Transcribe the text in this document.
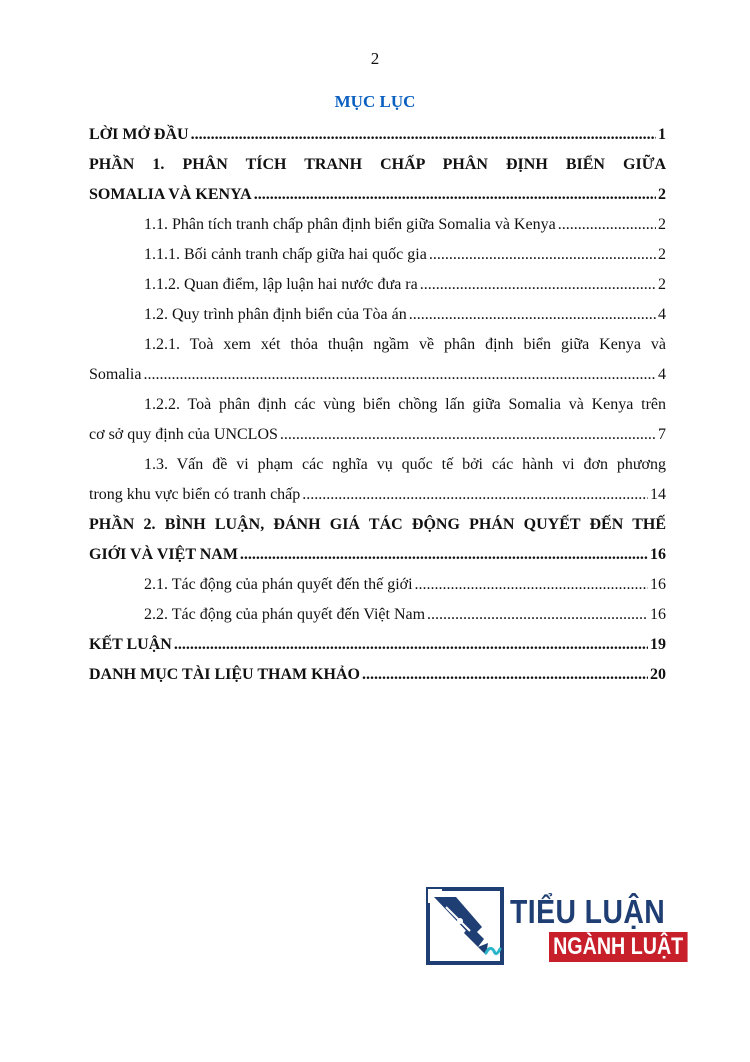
2
MỤC LỤC
LỜI MỞ ĐẦU .....	1
PHẦN 1. PHÂN TÍCH TRANH CHẤP PHÂN ĐỊNH BIỂN GIỮA
SOMALIA VÀ KENYA .....	2
1.1. Phân tích tranh chấp phân định biển giữa Somalia và Kenya .....	2
1.1.1. Bối cảnh tranh chấp giữa hai quốc gia .....	2
1.1.2. Quan điểm, lập luận hai nước đưa ra .....	2
1.2. Quy trình phân định biển của Tòa án .....	4
1.2.1. Toà xem xét thỏa thuận ngầm về phân định biển giữa Kenya và
Somalia .....	4
1.2.2. Toà phân định các vùng biển chồng lấn giữa Somalia và Kenya trên
cơ sở quy định của UNCLOS .....	7
1.3. Vấn đề vi phạm các nghĩa vụ quốc tế bởi các hành vi đơn phương
trong khu vực biển có tranh chấp .....	14
PHẦN 2. BÌNH LUẬN, ĐÁNH GIÁ TÁC ĐỘNG PHÁN QUYẾT ĐẾN THẾ
GIỚI VÀ VIỆT NAM .....	16
2.1. Tác động của phán quyết đến thế giới .....	16
2.2. Tác động của phán quyết đến Việt Nam .....	16
KẾT LUẬN .....	19
DANH MỤC TÀI LIỆU THAM KHẢO .....	20
TIỂU LUẬN
NGÀNH LUẬT
